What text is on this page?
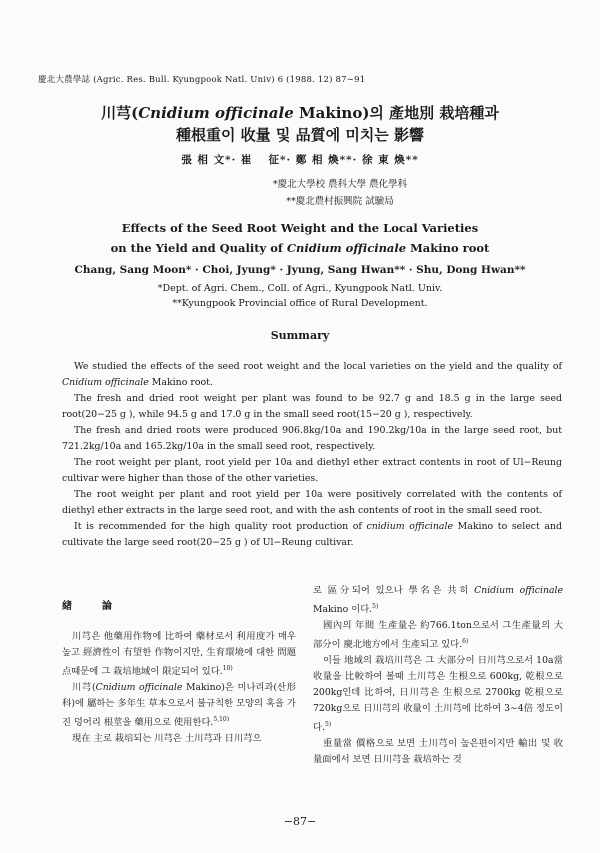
慶北大農學誌 (Agric. Res. Bull. Kyungpook Natl. Univ) 6 (1988. 12) 87∼91
川芎(Cnidium officinale Makino)의 產地別 栽培種과
種根重이 收量 및 品質에 미치는 影響
張 相 文*· 崔　 征*· 鄭 相 煥**· 徐 東 煥**
*慶北大學校 農科大學 農化學科
**慶北農村振興院 試驗局
Effects of the Seed Root Weight and the Local Varieties
on the Yield and Quality of Cnidium officinale Makino root
Chang, Sang Moon* · Choi, Jyung* · Jyung, Sang Hwan** · Shu, Dong Hwan**
*Dept. of Agri. Chem., Coll. of Agri., Kyungpook Natl. Univ.
**Kyungpook Provincial office of Rural Development.
Summary

We studied the effects of the seed root weight and the local varieties on the yield and the quality of Cnidium officinale Makino root.

The fresh and dried root weight per plant was found to be 92.7 g and 18.5 g in the large seed root(20−25 g ), while 94.5 g and 17.0 g in the small seed root(15−20 g ), respectively.

The fresh and dried roots were produced 906.8kg/10a and 190.2kg/10a in the large seed root, but 721.2kg/10a and 165.2kg/10a in the small seed root, respectively.

The root weight per plant, root yield per 10a and diethyl ether extract contents in root of Ul−Reung cultivar were higher than those of the other varieties.

The root weight per plant and root yield per 10a were positively correlated with the contents of diethyl ether extracts in the large seed root, and with the ash contents of root in the small seed root.

It is recommended for the high quality root production of cnidium officinale Makino to select and cultivate the large seed root(20−25 g ) of Ul−Reung cultivar.

緖　論

川芎은 他藥用作物에 比하여 藥材로서 利用度가 매우 높고 經濟性이 有望한 作物이지만, 生育環境에 대한 問題点때문에 그 栽培地域이 限定되어 있다.$^{10)}$

川芎(Cnidium officinale Makino)은 미나리과(산形科)에 屬하는 多年生 草本으로서 불규칙한 모양의 혹을 가진 덩어리 根莖을 藥用으로 使用한다.$^{5,10)}$

現在 主로 栽培되는 川芎은 土川芎과 日川芎으

로 區分되어 있으나 學名은 共히 Cnidium officinale Makino 이다.$^{5)}$

國內의 年間 生產量은 約766.1ton으로서 그生產量의 大部分이 慶北地方에서 生產되고 있다.$^{6)}$

이들 地域의 栽培川芎은 그 大部分이 日川芎으로서 10a當 收量을 比較하여 볼때 土川芎은 生根으로 600kg, 乾根으로 200kg인데 比하여, 日川芎은 生根으로 2700kg 乾根으로 720kg으로 日川芎의 收量이 土川芎에 比하여 3∼4倍 정도이다.$^{5)}$

重量當 價格으로 보면 土川芎이 높은편이지만 輸出 및 收量面에서 보면 日川芎을 栽培하는 것

−87−
